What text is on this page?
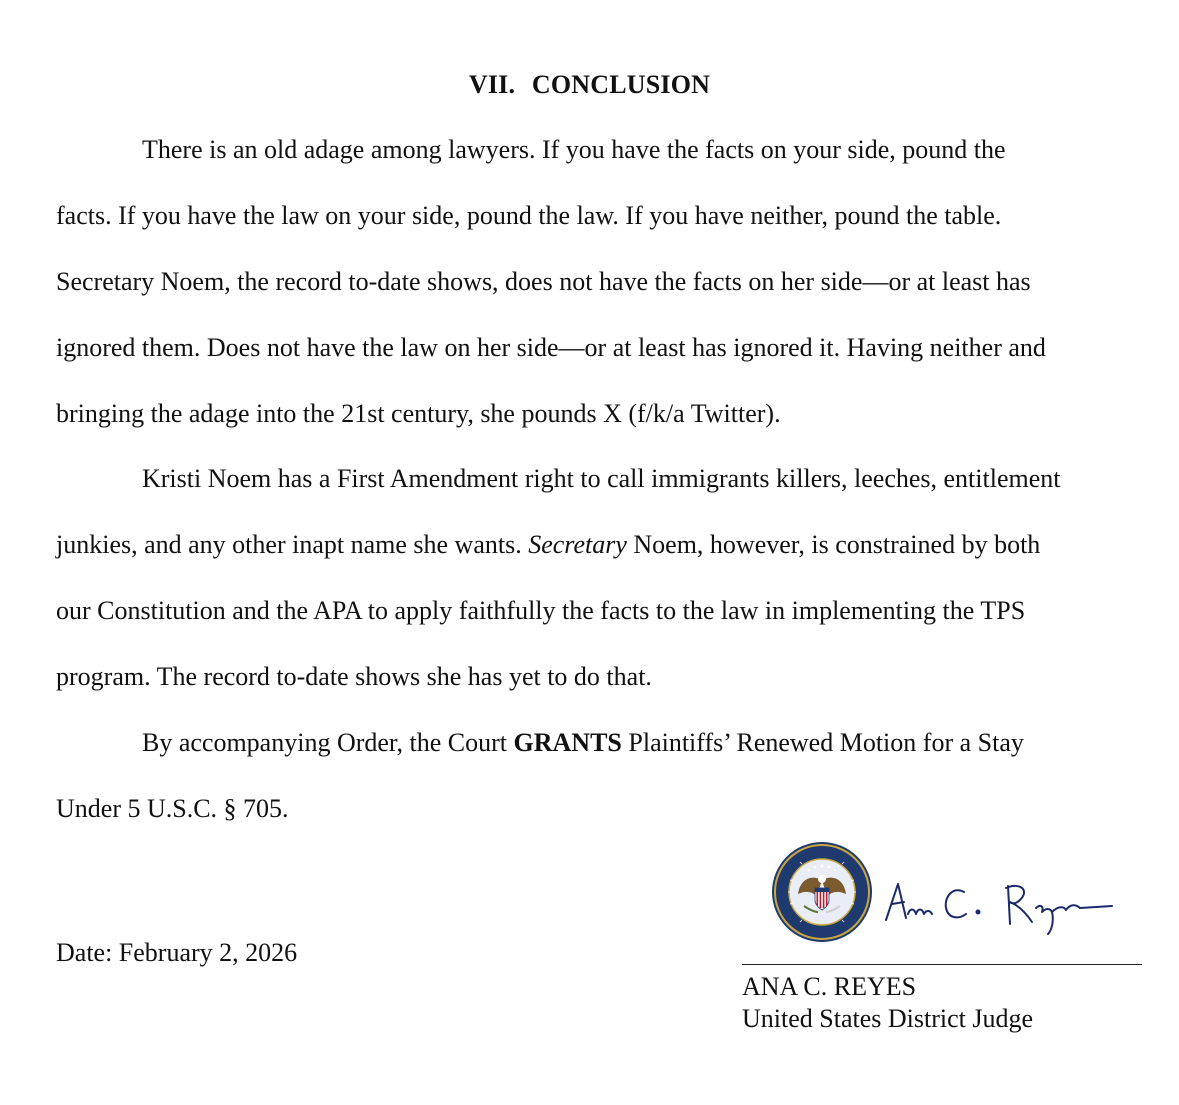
VII. CONCLUSION
There is an old adage among lawyers. If you have the facts on your side, pound the
facts. If you have the law on your side, pound the law. If you have neither, pound the table.
Secretary Noem, the record to-date shows, does not have the facts on her side—or at least has
ignored them. Does not have the law on her side—or at least has ignored it. Having neither and
bringing the adage into the 21st century, she pounds X (f/k/a Twitter).
Kristi Noem has a First Amendment right to call immigrants killers, leeches, entitlement
junkies, and any other inapt name she wants. Secretary Noem, however, is constrained by both
our Constitution and the APA to apply faithfully the facts to the law in implementing the TPS
program. The record to-date shows she has yet to do that.
By accompanying Order, the Court GRANTS Plaintiffs’ Renewed Motion for a Stay
Under 5 U.S.C. § 705.
Date: February 2, 2026
ANA C. REYES
United States District Judge
